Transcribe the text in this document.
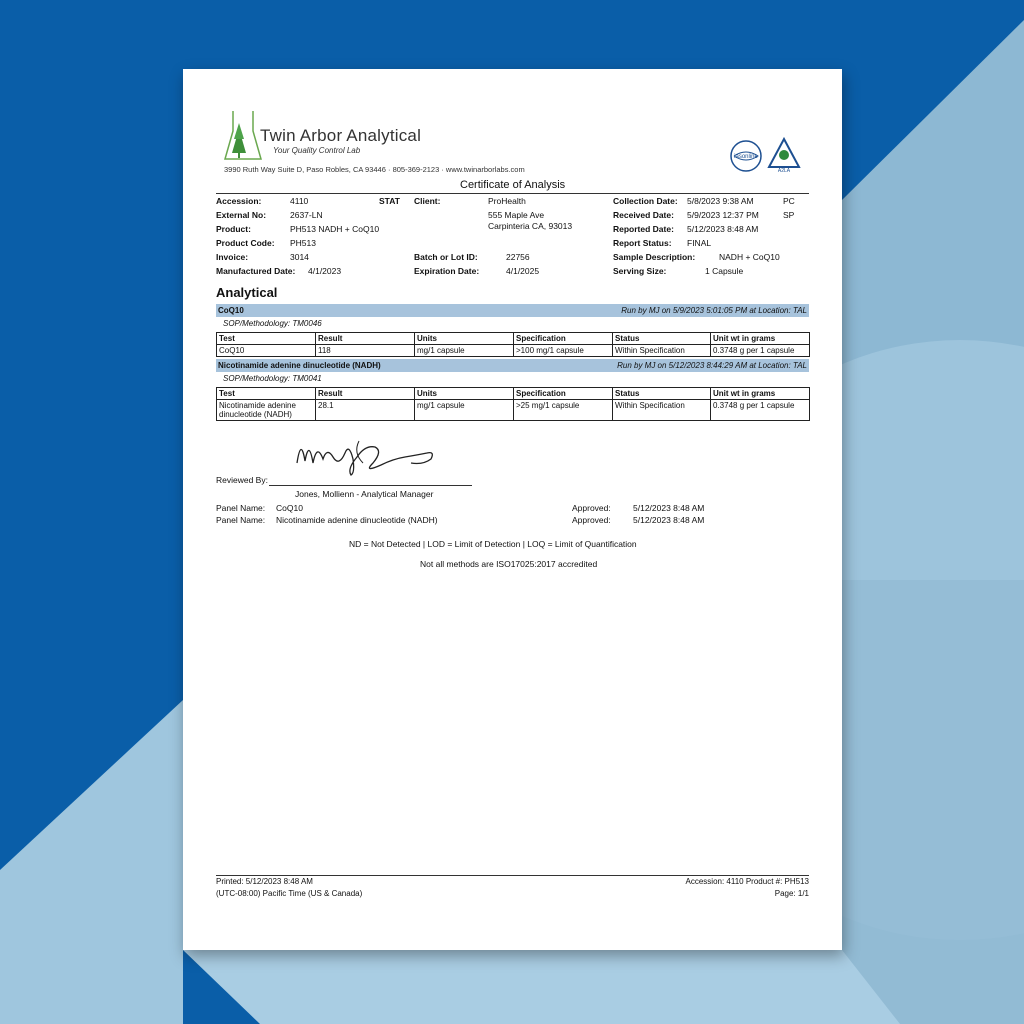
Twin Arbor Analytical
Your Quality Control Lab
3990 Ruth Way Suite D, Paso Robles, CA 93446 · 805-369-2123 · www.twinarborlabs.com
iasonline
A2LA
Certificate of Analysis
Accession:	4110	STAT
External No:	2637-LN
Product:	PH513 NADH + CoQ10
Product Code: PH513
Invoice:	3014
Manufactured Date: 4/1/2023
Client:	ProHealth
555 Maple Ave
Carpinteria CA, 93013
Batch or Lot ID:	22756
Expiration Date:	4/1/2025
Collection Date: 5/8/2023 9:38 AM	PC
Received Date: 5/9/2023 12:37 PM	SP
Reported Date: 5/12/2023 8:48 AM
Report Status: FINAL
Sample Description:	NADH + CoQ10
Serving Size:	1 Capsule
Analytical
CoQ10	Run by MJ on 5/9/2023 5:01:05 PM at Location: TAL
SOP/Methodology: TM0046
Test	Result	Units	Specification	Status	Unit wt in grams
CoQ10	118	mg/1 capsule	>100 mg/1 capsule	Within Specification	0.3748 g per 1 capsule
Nicotinamide adenine dinucleotide (NADH)	Run by MJ on 5/12/2023 8:44:29 AM at Location: TAL
SOP/Methodology: TM0041
Test	Result	Units	Specification	Status	Unit wt in grams
Nicotinamide adenine dinucleotide (NADH)	28.1	mg/1 capsule	>25 mg/1 capsule	Within Specification	0.3748 g per 1 capsule
Reviewed By:
Jones, Mollienn - Analytical Manager
Panel Name: CoQ10	Approved:	5/12/2023 8:48 AM
Panel Name: Nicotinamide adenine dinucleotide (NADH)	Approved:	5/12/2023 8:48 AM
ND = Not Detected | LOD = Limit of Detection | LOQ = Limit of Quantification
Not all methods are ISO17025:2017 accredited
Printed: 5/12/2023 8:48 AM
(UTC-08:00) Pacific Time (US & Canada)
Accession: 4110 Product #: PH513
Page: 1/1
